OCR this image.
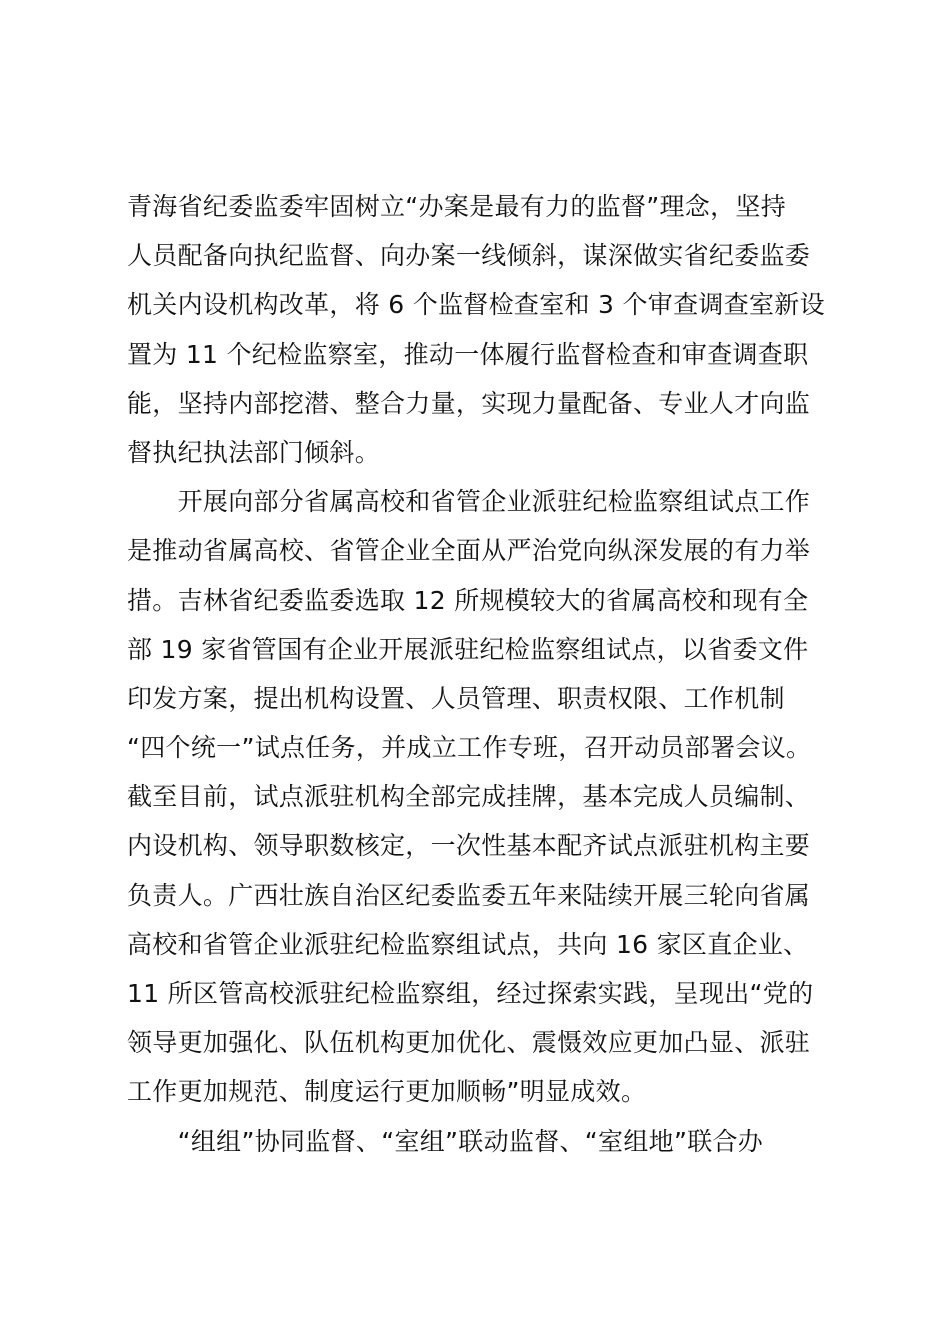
青海省纪委监委牢固树立“办案是最有力的监督”理念，坚持
人员配备向执纪监督、向办案一线倾斜，谋深做实省纪委监委
机关内设机构改革，将 6 个监督检查室和 3 个审查调查室新设
置为 11 个纪检监察室，推动一体履行监督检查和审查调查职
能，坚持内部挖潜、整合力量，实现力量配备、专业人才向监
督执纪执法部门倾斜。
　　开展向部分省属高校和省管企业派驻纪检监察组试点工作
是推动省属高校、省管企业全面从严治党向纵深发展的有力举
措。吉林省纪委监委选取 12 所规模较大的省属高校和现有全
部 19 家省管国有企业开展派驻纪检监察组试点，以省委文件
印发方案，提出机构设置、人员管理、职责权限、工作机制
“四个统一”试点任务，并成立工作专班，召开动员部署会议。
截至目前，试点派驻机构全部完成挂牌，基本完成人员编制、
内设机构、领导职数核定，一次性基本配齐试点派驻机构主要
负责人。广西壮族自治区纪委监委五年来陆续开展三轮向省属
高校和省管企业派驻纪检监察组试点，共向 16 家区直企业、
11 所区管高校派驻纪检监察组，经过探索实践，呈现出“党的
领导更加强化、队伍机构更加优化、震慑效应更加凸显、派驻
工作更加规范、制度运行更加顺畅”明显成效。
　　“组组”协同监督、“室组”联动监督、“室组地”联合办
